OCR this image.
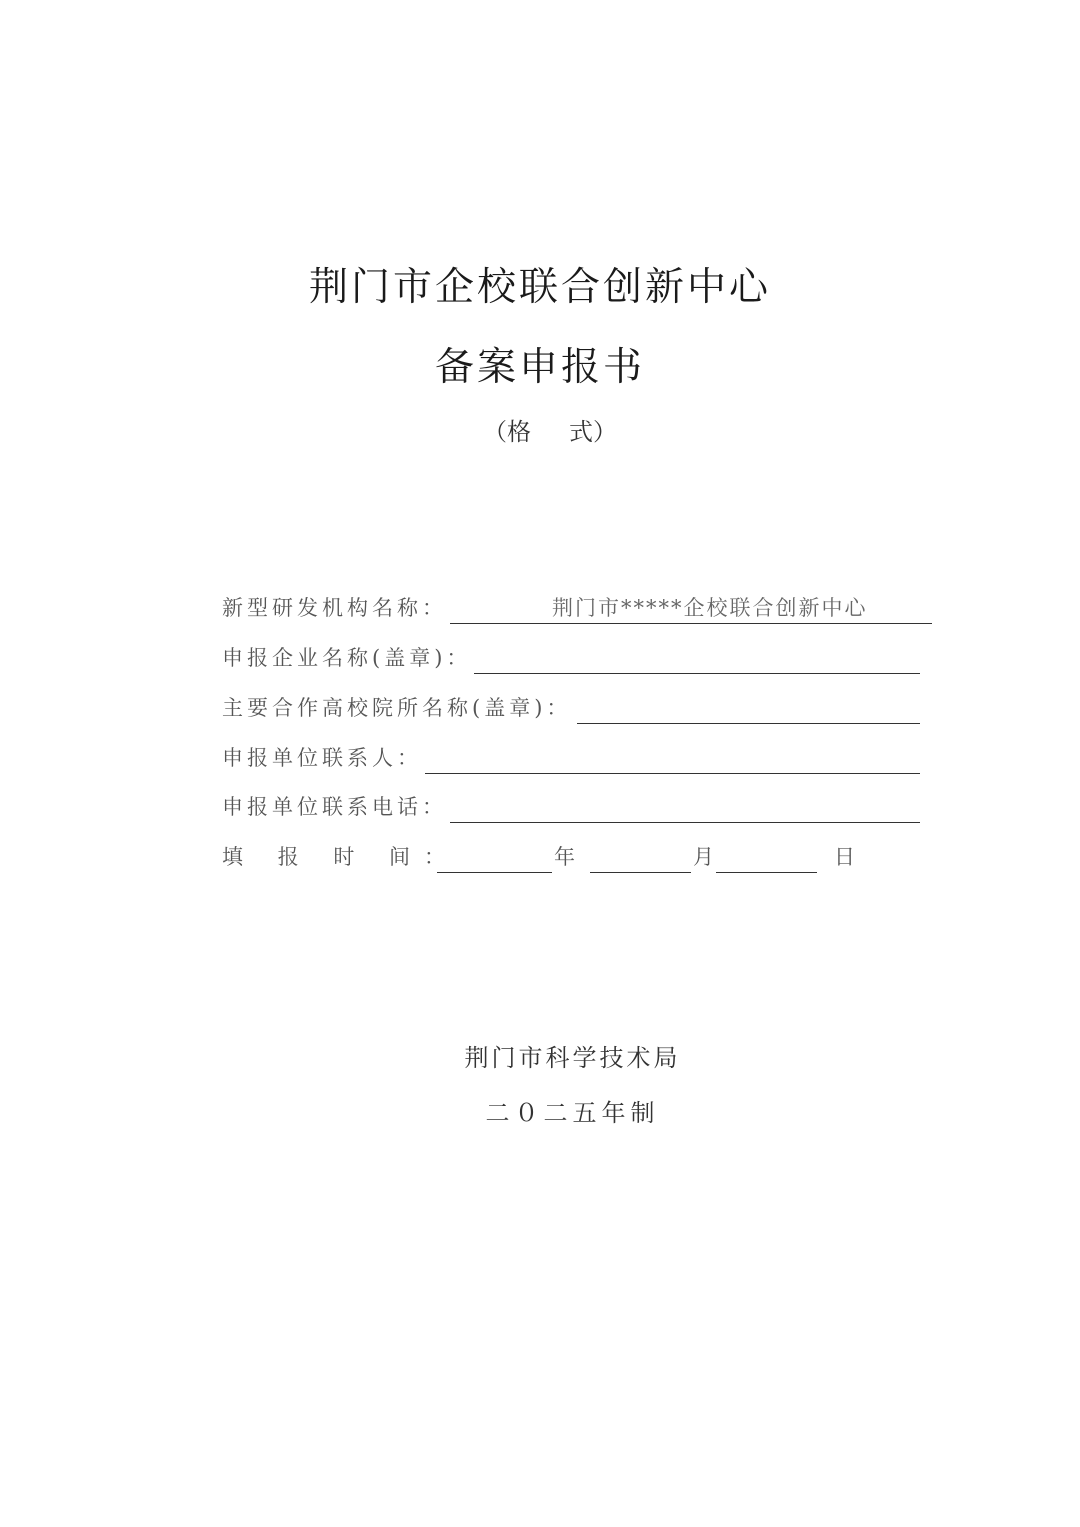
荆门市企校联合创新中心
备案申报书
（格 式）
新型研发机构名称：	荆门市*****企校联合创新中心
申报企业名称(盖章)：
主要合作高校院所名称(盖章)：
申报单位联系人：
申报单位联系电话：
填 报 时 间：	年	月	日
荆门市科学技术局
二０二五年制
